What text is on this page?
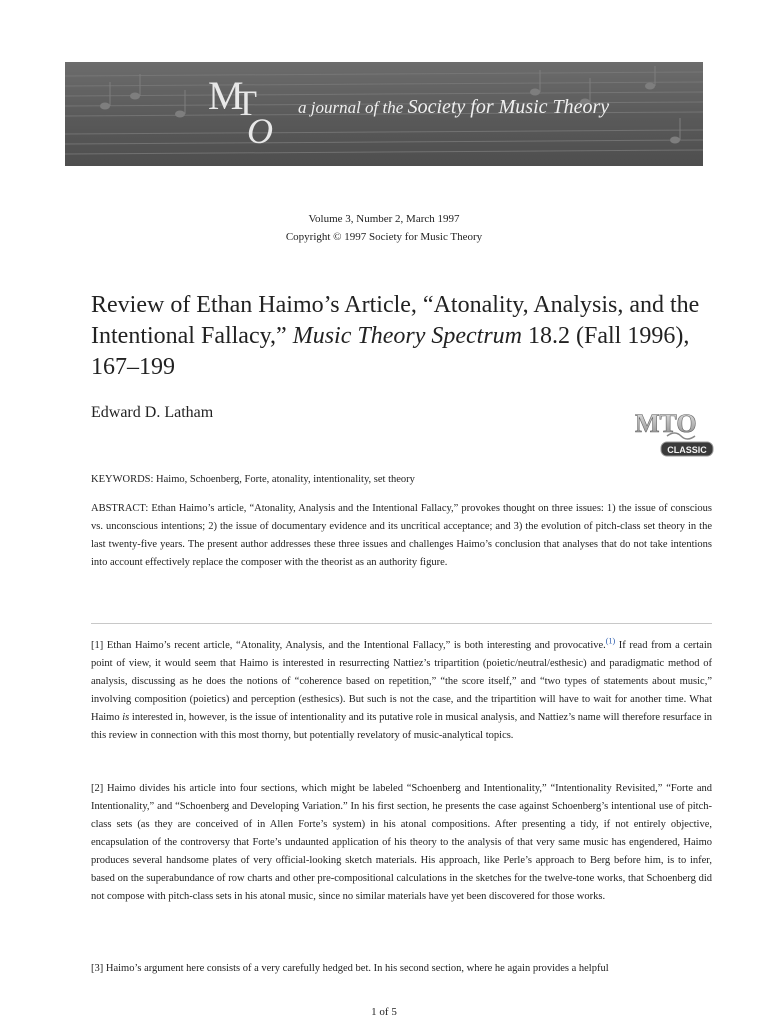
M
T
O
a journal of the Society for Music Theory
Volume 3, Number 2, March 1997
Copyright © 1997 Society for Music Theory
Review of Ethan Haimo’s Article, “Atonality, Analysis, and the Intentional Fallacy,” Music Theory Spectrum 18.2 (Fall 1996), 167–199
Edward D. Latham	MTO
CLASSIC
KEYWORDS: Haimo, Schoenberg, Forte, atonality, intentionality, set theory
ABSTRACT: Ethan Haimo’s article, “Atonality, Analysis and the Intentional Fallacy,” provokes thought on three issues: 1) the issue of conscious vs. unconscious intentions; 2) the issue of documentary evidence and its uncritical acceptance; and 3) the evolution of pitch-class set theory in the last twenty-five years. The present author addresses these three issues and challenges Haimo’s conclusion that analyses that do not take intentions into account effectively replace the composer with the theorist as an authority figure.
[1] Ethan Haimo’s recent article, “Atonality, Analysis, and the Intentional Fallacy,” is both interesting and provocative.$^{(1)}$ If read from a certain point of view, it would seem that Haimo is interested in resurrecting Nattiez’s tripartition (poietic/neutral/esthesic) and paradigmatic method of analysis, discussing as he does the notions of “coherence based on repetition,” “the score itself,” and “two types of statements about music,” involving composition (poietics) and perception (esthesics). But such is not the case, and the tripartition will have to wait for another time. What Haimo is interested in, however, is the issue of intentionality and its putative role in musical analysis, and Nattiez’s name will therefore resurface in this review in connection with this most thorny, but potentially revelatory of music-analytical topics.
[2] Haimo divides his article into four sections, which might be labeled “Schoenberg and Intentionality,” “Intentionality Revisited,” “Forte and Intentionality,” and “Schoenberg and Developing Variation.” In his first section, he presents the case against Schoenberg’s intentional use of pitch-class sets (as they are conceived of in Allen Forte’s system) in his atonal compositions. After presenting a tidy, if not entirely objective, encapsulation of the controversy that Forte’s undaunted application of his theory to the analysis of that very same music has engendered, Haimo produces several handsome plates of very official-looking sketch materials. His approach, like Perle’s approach to Berg before him, is to infer, based on the superabundance of row charts and other pre-compositional calculations in the sketches for the twelve-tone works, that Schoenberg did not compose with pitch-class sets in his atonal music, since no similar materials have yet been discovered for those works.
[3] Haimo’s argument here consists of a very carefully hedged bet. In his second section, where he again provides a helpful
1 of 5
